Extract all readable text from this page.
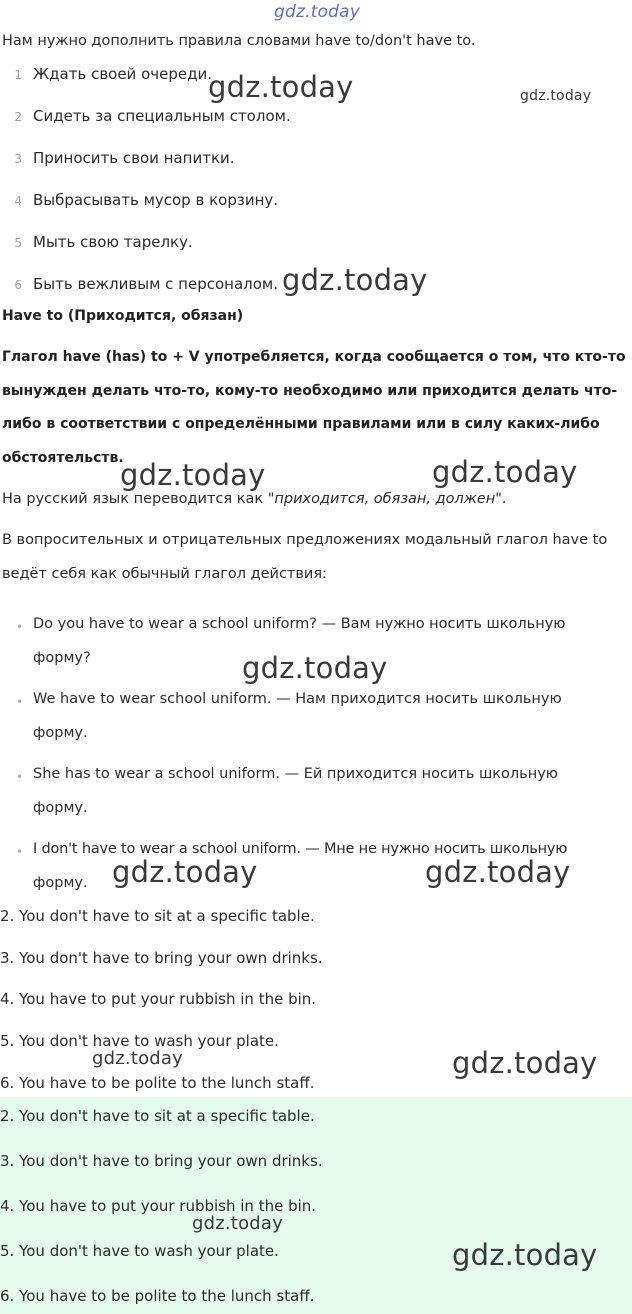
gdz.today
Нам нужно дополнить правила словами have to/don't have to.
1 Ждать своей очереди.
2 Сидеть за специальным столом.
3 Приносить свои напитки.
4 Выбрасывать мусор в корзину.
5 Мыть свою тарелку.
6 Быть вежливым с персоналом.
Have to (Приходится, обязан)
Глагол have (has) to + V употребляется, когда сообщается о том, что кто-то
вынужден делать что-то, кому-то необходимо или приходится делать что-
либо в соответствии с определёнными правилами или в силу каких-либо
обстоятельств.
На русский язык переводится как "приходится, обязан, должен".
В вопросительных и отрицательных предложениях модальный глагол have to
ведёт себя как обычный глагол действия:
• Do you have to wear a school uniform? — Вам нужно носить школьную
форму?
• We have to wear school uniform. — Нам приходится носить школьную
форму.
• She has to wear a school uniform. — Ей приходится носить школьную
форму.
• I don't have to wear a school uniform. — Мне не нужно носить школьную
форму.
2. You don't have to sit at a specific table.
3. You don't have to bring your own drinks.
4. You have to put your rubbish in the bin.
5. You don't have to wash your plate.
6. You have to be polite to the lunch staff.
2. You don't have to sit at a specific table.
3. You don't have to bring your own drinks.
4. You have to put your rubbish in the bin.
5. You don't have to wash your plate.
6. You have to be polite to the lunch staff.
gdz.today	gdz.today
gdz.today
gdz.today	gdz.today
gdz.today
gdz.today	gdz.today
gdz.today	gdz.today
gdz.today
gdz.today
